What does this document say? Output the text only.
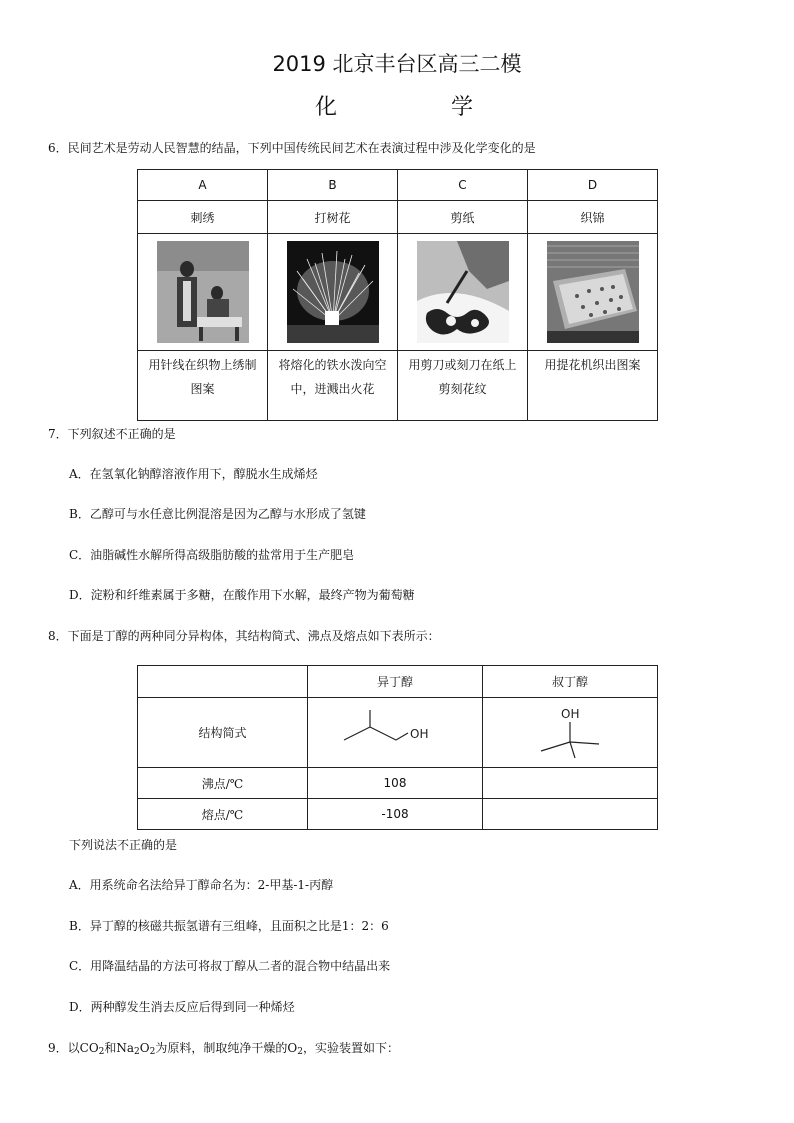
2019 北京丰台区高三二模
化　学
6．民间艺术是劳动人民智慧的结晶，下列中国传统民间艺术在表演过程中涉及化学变化的是
A	B	C	D
刺绣	打树花	剪纸	织锦

用针线在织物上绣制图案	将熔化的铁水泼向空中，迸溅出火花	用剪刀或刻刀在纸上剪刻花纹	用提花机织出图案
7．下列叙述不正确的是
A．在氢氧化钠醇溶液作用下，醇脱水生成烯烃
B．乙醇可与水任意比例混溶是因为乙醇与水形成了氢键
C．油脂碱性水解所得高级脂肪酸的盐常用于生产肥皂
D．淀粉和纤维素属于多糖，在酸作用下水解，最终产物为葡萄糖
8．下面是丁醇的两种同分异构体，其结构简式、沸点及熔点如下表所示：
	异丁醇	叔丁醇
结构简式	OH	OH

沸点/℃	108	
熔点/℃	-108	
下列说法不正确的是
A．用系统命名法给异丁醇命名为：2-甲基-1-丙醇
B．异丁醇的核磁共振氢谱有三组峰，且面积之比是1：2：6
C．用降温结晶的方法可将叔丁醇从二者的混合物中结晶出来
D．两种醇发生消去反应后得到同一种烯烃
9．以$CO_2$和$Na_2O_2$为原料，制取纯净干燥的$O_2$，实验装置如下：
